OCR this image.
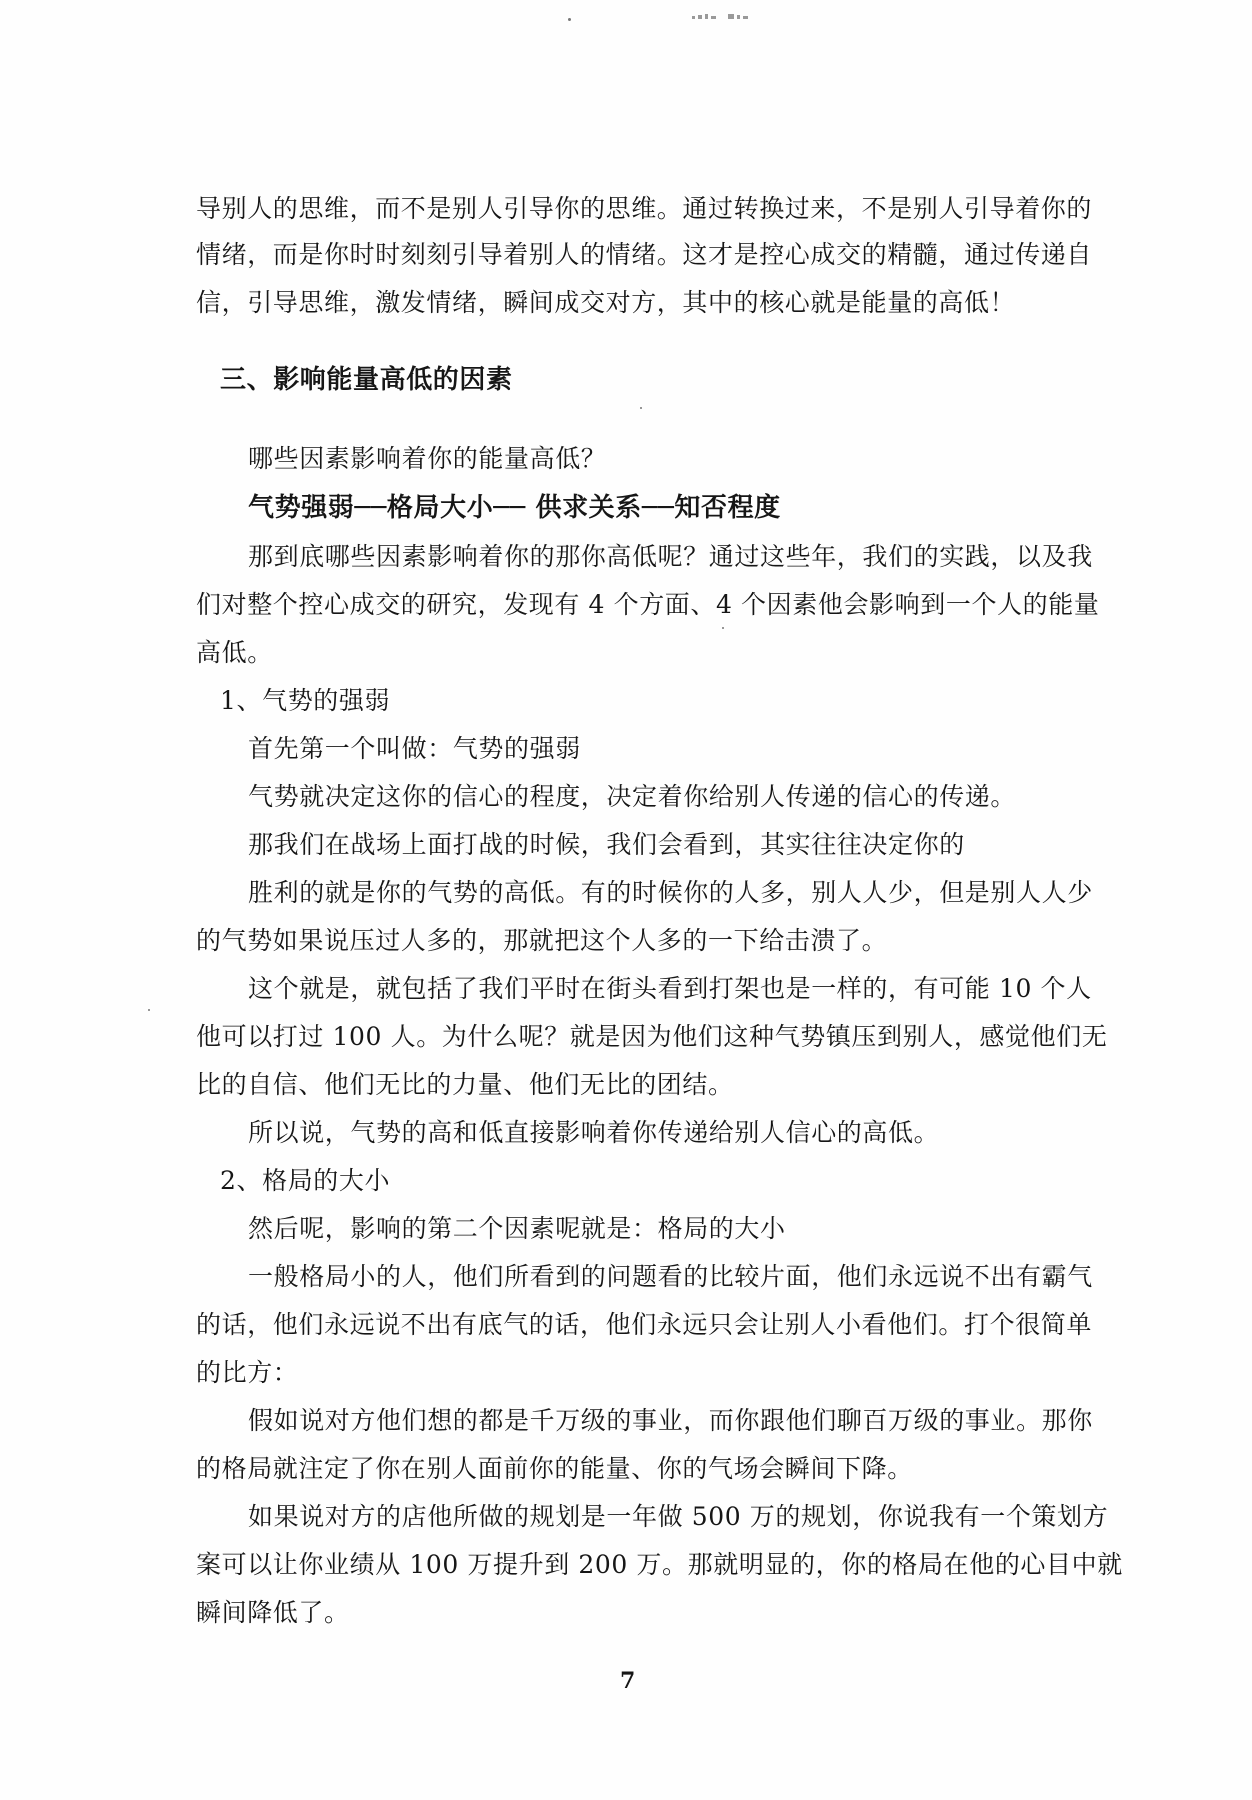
导别人的思维，而不是别人引导你的思维。通过转换过来，不是别人引导着你的
情绪，而是你时时刻刻引导着别人的情绪。这才是控心成交的精髓，通过传递自
信，引导思维，激发情绪，瞬间成交对方，其中的核心就是能量的高低！
三、影响能量高低的因素
哪些因素影响着你的能量高低？
气势强弱──格局大小── 供求关系──知否程度
那到底哪些因素影响着你的那你高低呢？通过这些年，我们的实践，以及我
们对整个控心成交的研究，发现有 4 个方面、4 个因素他会影响到一个人的能量
高低。
1、气势的强弱
首先第一个叫做：气势的强弱
气势就决定这你的信心的程度，决定着你给别人传递的信心的传递。
那我们在战场上面打战的时候，我们会看到，其实往往决定你的
胜利的就是你的气势的高低。有的时候你的人多，别人人少，但是别人人少
的气势如果说压过人多的，那就把这个人多的一下给击溃了。
这个就是，就包括了我们平时在街头看到打架也是一样的，有可能 10 个人
他可以打过 100 人。为什么呢？就是因为他们这种气势镇压到别人，感觉他们无
比的自信、他们无比的力量、他们无比的团结。
所以说，气势的高和低直接影响着你传递给别人信心的高低。
2、格局的大小
然后呢，影响的第二个因素呢就是：格局的大小
一般格局小的人，他们所看到的问题看的比较片面，他们永远说不出有霸气
的话，他们永远说不出有底气的话，他们永远只会让别人小看他们。打个很简单
的比方：
假如说对方他们想的都是千万级的事业，而你跟他们聊百万级的事业。那你
的格局就注定了你在别人面前你的能量、你的气场会瞬间下降。
如果说对方的店他所做的规划是一年做 500 万的规划，你说我有一个策划方
案可以让你业绩从 100 万提升到 200 万。那就明显的，你的格局在他的心目中就
瞬间降低了。
7
